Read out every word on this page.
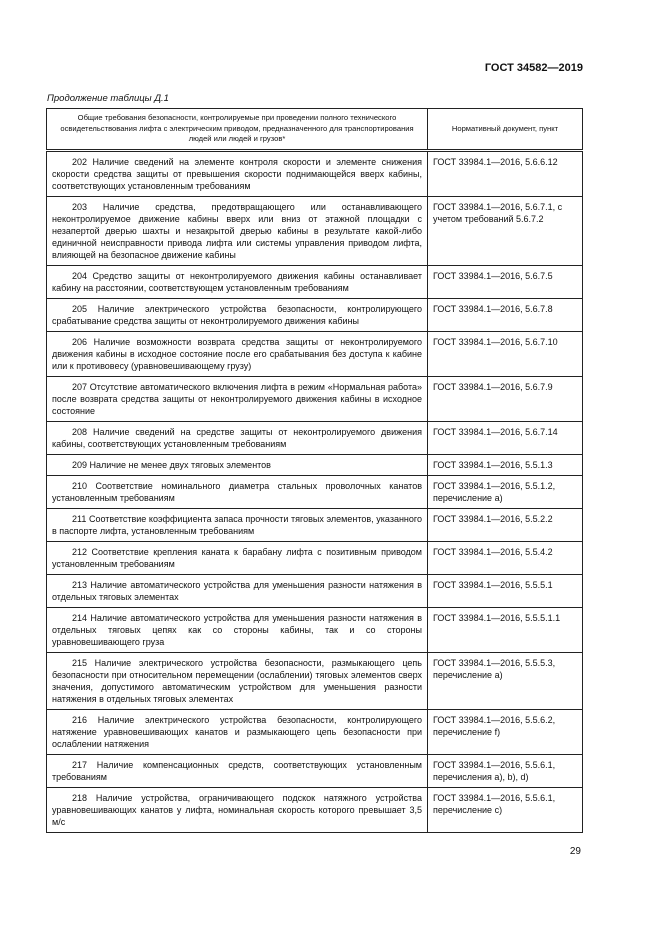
ГОСТ 34582—2019
Продолжение таблицы Д.1
Общие требования безопасности, контролируемые при проведении полного технического освидетельствования лифта с электрическим приводом, предназначенного для транспортирования людей или людей и грузов*	Нормативный документ, пункт
202 Наличие сведений на элементе контроля скорости и элементе снижения скорости средства защиты от превышения скорости поднимающейся вверх кабины, соответствующих установленным требованиям	ГОСТ 33984.1—2016, 5.6.6.12
203 Наличие средства, предотвращающего или останавливающего неконтролируемое движение кабины вверх или вниз от этажной площадки с незапертой дверью шахты и незакрытой дверью кабины в результате какой-либо единичной неисправности привода лифта или системы управления приводом лифта, влияющей на безопасное движение кабины	ГОСТ 33984.1—2016, 5.6.7.1, с учетом требований 5.6.7.2
204 Средство защиты от неконтролируемого движения кабины останавливает кабину на расстоянии, соответствующем установленным требованиям	ГОСТ 33984.1—2016, 5.6.7.5
205 Наличие электрического устройства безопасности, контролирующего срабатывание средства защиты от неконтролируемого движения кабины	ГОСТ 33984.1—2016, 5.6.7.8
206 Наличие возможности возврата средства защиты от неконтролируемого движения кабины в исходное состояние после его срабатывания без доступа к кабине или к противовесу (уравновешивающему грузу)	ГОСТ 33984.1—2016, 5.6.7.10
207 Отсутствие автоматического включения лифта в режим «Нормальная работа» после возврата средства защиты от неконтролируемого движения кабины в исходное состояние	ГОСТ 33984.1—2016, 5.6.7.9
208 Наличие сведений на средстве защиты от неконтролируемого движения кабины, соответствующих установленным требованиям	ГОСТ 33984.1—2016, 5.6.7.14
209 Наличие не менее двух тяговых элементов	ГОСТ 33984.1—2016, 5.5.1.3
210 Соответствие номинального диаметра стальных проволочных канатов установленным требованиям	ГОСТ 33984.1—2016, 5.5.1.2, перечисление а)
211 Соответствие коэффициента запаса прочности тяговых элементов, указанного в паспорте лифта, установленным требованиям	ГОСТ 33984.1—2016, 5.5.2.2
212 Соответствие крепления каната к барабану лифта с позитивным приводом установленным требованиям	ГОСТ 33984.1—2016, 5.5.4.2
213 Наличие автоматического устройства для уменьшения разности натяжения в отдельных тяговых элементах	ГОСТ 33984.1—2016, 5.5.5.1
214 Наличие автоматического устройства для уменьшения разности натяжения в отдельных тяговых цепях как со стороны кабины, так и со стороны уравновешивающего груза	ГОСТ 33984.1—2016, 5.5.5.1.1
215 Наличие электрического устройства безопасности, размыкающего цепь безопасности при относительном перемещении (ослаблении) тяговых элементов сверх значения, допустимого автоматическим устройством для уменьшения разности натяжения в отдельных тяговых элементах	ГОСТ 33984.1—2016, 5.5.5.3, перечисление а)
216 Наличие электрического устройства безопасности, контролирующего натяжение уравновешивающих канатов и размыкающего цепь безопасности при ослаблении натяжения	ГОСТ 33984.1—2016, 5.5.6.2, перечисление f)
217 Наличие компенсационных средств, соответствующих установленным требованиям	ГОСТ 33984.1—2016, 5.5.6.1, перечисления а), b), d)
218 Наличие устройства, ограничивающего подскок натяжного устройства уравновешивающих канатов у лифта, номинальная скорость которого превышает 3,5 м/с	ГОСТ 33984.1—2016, 5.5.6.1, перечисление с)
29
